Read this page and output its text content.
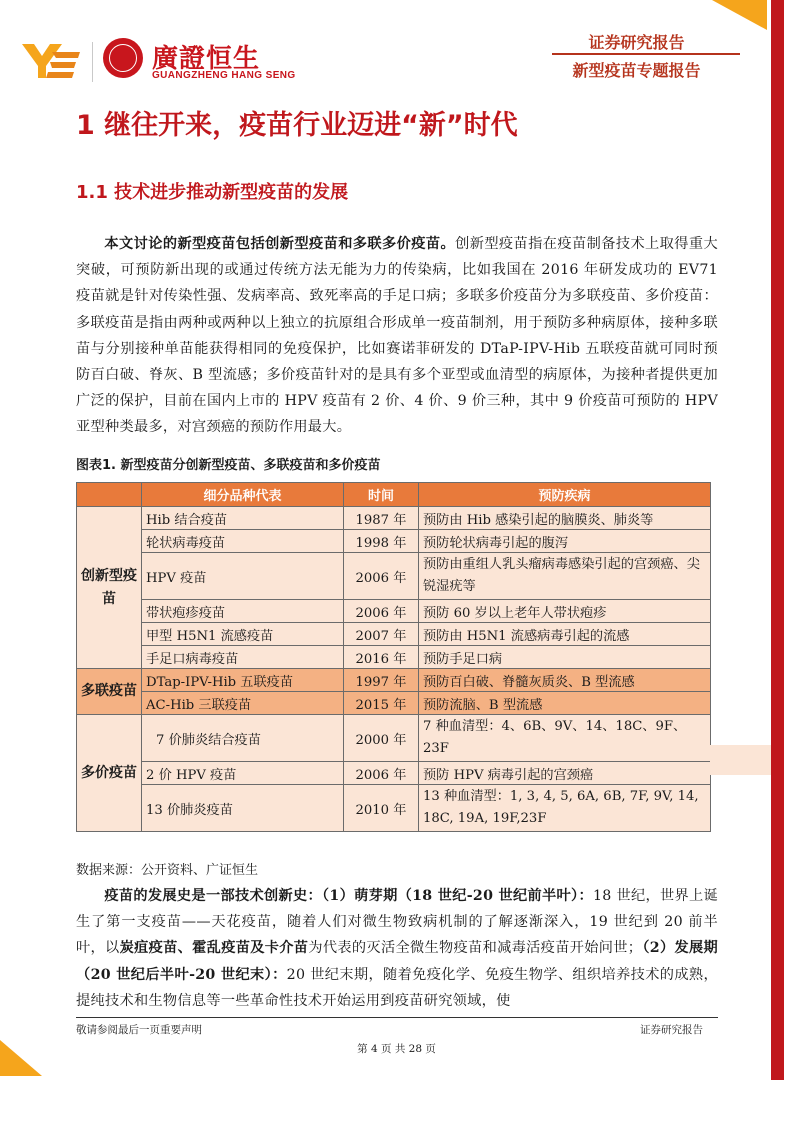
廣證恒生
GUANGZHENG HANG SENG
证券研究报告
新型疫苗专题报告
1 继往开来，疫苗行业迈进“新”时代
1.1 技术进步推动新型疫苗的发展

本文讨论的新型疫苗包括创新型疫苗和多联多价疫苗。创新型疫苗指在疫苗制备技术上取得重大突破，可预防新出现的或通过传统方法无能为力的传染病，比如我国在 2016 年研发成功的 EV71 疫苗就是针对传染性强、发病率高、致死率高的手足口病；多联多价疫苗分为多联疫苗、多价疫苗：多联疫苗是指由两种或两种以上独立的抗原组合形成单一疫苗制剂，用于预防多种病原体，接种多联苗与分别接种单苗能获得相同的免疫保护，比如赛诺菲研发的 DTaP-IPV-Hib 五联疫苗就可同时预防百白破、脊灰、B 型流感；多价疫苗针对的是具有多个亚型或血清型的病原体，为接种者提供更加广泛的保护，目前在国内上市的 HPV 疫苗有 2 价、4 价、9 价三种，其中 9 价疫苗可预防的 HPV 亚型种类最多，对宫颈癌的预防作用最大。

图表1. 新型疫苗分创新型疫苗、多联疫苗和多价疫苗
	细分品种代表	时间	预防疾病
创新型疫苗	Hib 结合疫苗	1987 年	预防由 Hib 感染引起的脑膜炎、肺炎等
	轮状病毒疫苗	1998 年	预防轮状病毒引起的腹泻
	HPV 疫苗	2006 年	预防由重组人乳头瘤病毒感染引起的宫颈癌、尖锐湿疣等
	带状疱疹疫苗	2006 年	预防 60 岁以上老年人带状疱疹
	甲型 H5N1 流感疫苗	2007 年	预防由 H5N1 流感病毒引起的流感
	手足口病毒疫苗	2016 年	预防手足口病
多联疫苗	DTap-IPV-Hib 五联疫苗	1997 年	预防百白破、脊髓灰质炎、B 型流感
	AC-Hib 三联疫苗	2015 年	预防流脑、B 型流感
多价疫苗	7 价肺炎结合疫苗	2000 年	7 种血清型：4、6B、9V、14、18C、9F、23F
	2 价 HPV 疫苗	2006 年	预防 HPV 病毒引起的宫颈癌
	13 价肺炎疫苗	2010 年	13 种血清型：1, 3, 4, 5, 6A, 6B, 7F, 9V, 14, 18C, 19A, 19F,23F
数据来源：公开资料、广证恒生

疫苗的发展史是一部技术创新史：（1）萌芽期（18 世纪-20 世纪前半叶）：18 世纪，世界上诞生了第一支疫苗——天花疫苗，随着人们对微生物致病机制的了解逐渐深入，19 世纪到 20 前半叶，以炭疽疫苗、霍乱疫苗及卡介苗为代表的灭活全微生物疫苗和减毒活疫苗开始问世；（2）发展期（20 世纪后半叶-20 世纪末）：20 世纪末期，随着免疫化学、免疫生物学、组织培养技术的成熟，提纯技术和生物信息等一些革命性技术开始运用到疫苗研究领域，使

敬请参阅最后一页重要声明	证券研究报告
第 4 页 共 28 页
